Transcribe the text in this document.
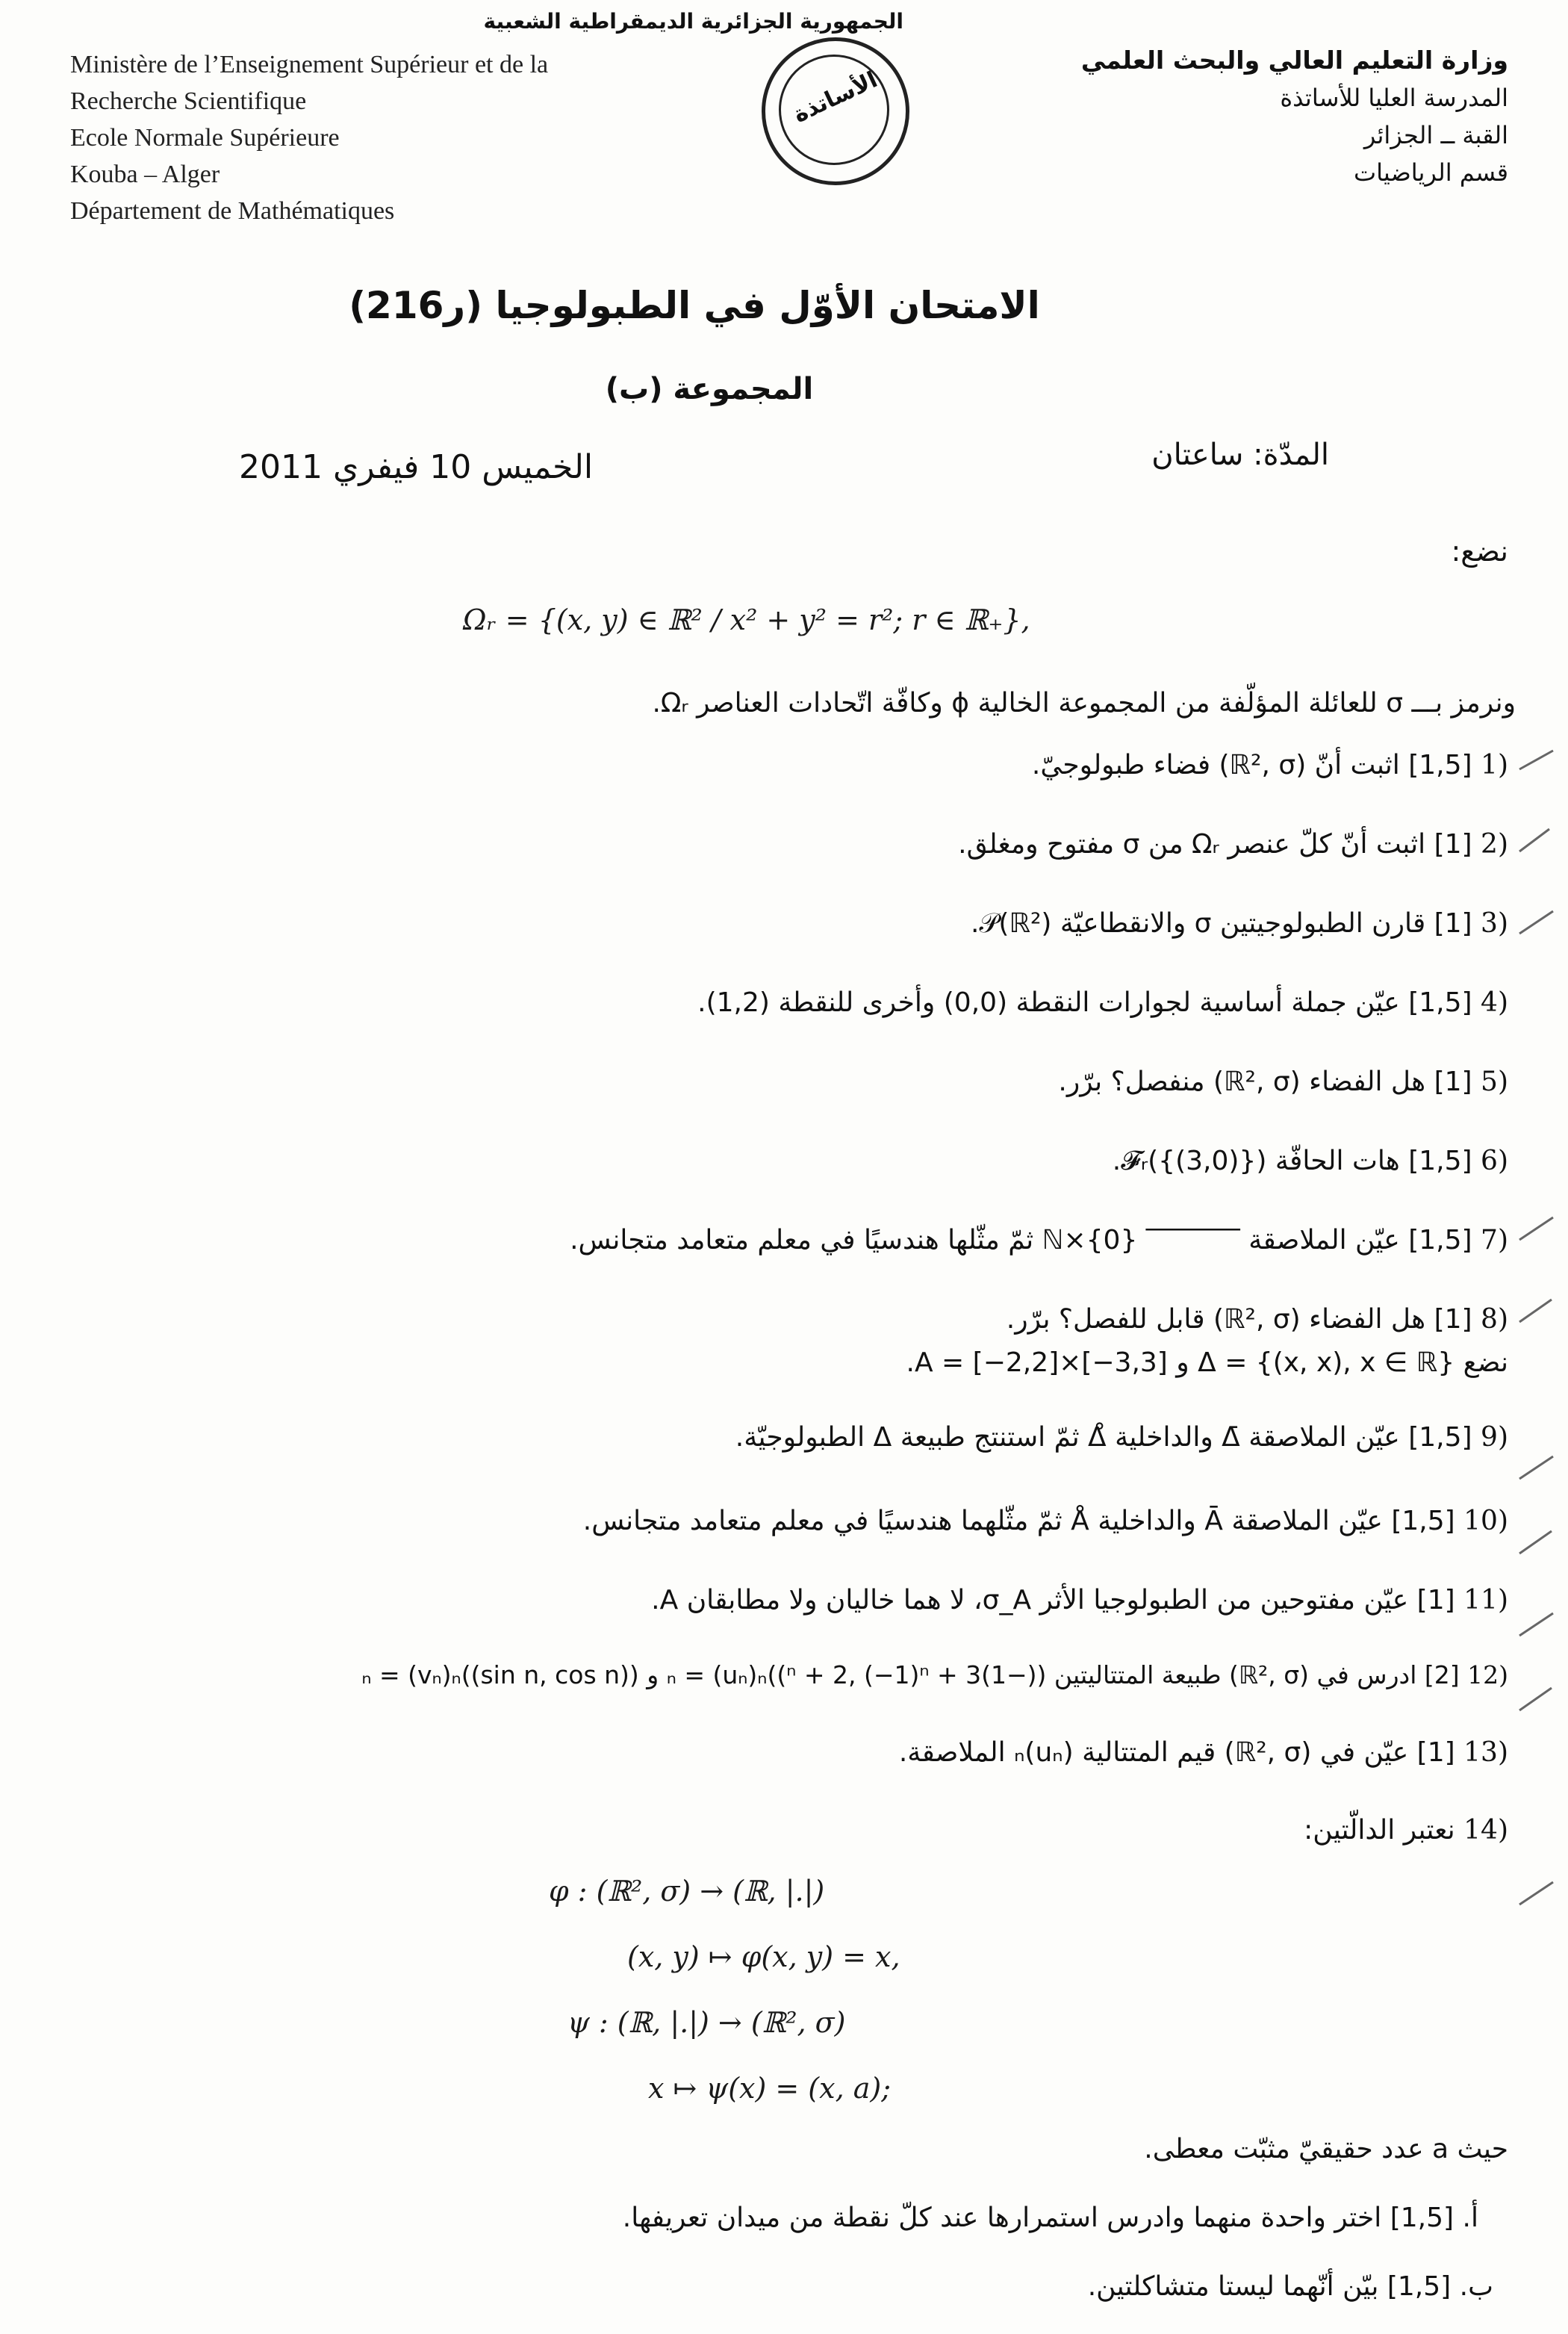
الجمهورية الجزائرية الديمقراطية الشعبية
Ministère de l’Enseignement Supérieur et de la
Recherche Scientifique
Ecole Normale Supérieure
Kouba – Alger
Département de Mathématiques
الأساتذة
وزارة التعليم العالي والبحث العلمي
المدرسة العليا للأساتذة
القبة ــ الجزائر
قسم الرياضيات
الامتحان الأوّل في الطبولوجيا (ر216)
المجموعة (ب)
المدّة: ساعتان
الخميس 10 فيفري 2011
نضع:
Ωᵣ = {(x, y) ∈ ℝ² / x² + y² = r²; r ∈ ℝ₊},
ونرمز بـــ σ للعائلة المؤلّفة من المجموعة الخالية ϕ وكافّة اتّحادات العناصر Ωᵣ.
1) [1,5] اثبت أنّ (ℝ², σ) فضاء طبولوجيّ.
2) [1] اثبت أنّ كلّ عنصر Ωᵣ من σ مفتوح ومغلق.
3) [1] قارن الطبولوجيتين σ والانقطاعيّة 𝒫(ℝ²).
4) [1,5] عيّن جملة أساسية لجوارات النقطة (0,0) وأخرى للنقطة (1,2).
5) [1] هل الفضاء (ℝ², σ) منفصل؟ برّر.
6) [1,5] هات الحافّة 𝓕ᵣ({(3,0)}).
7) [1,5] عيّن الملاصقة ‾‾‾‾‾‾‾ ℕ×{0} ثمّ مثّلها هندسيًا في معلم متعامد متجانس.
8) [1] هل الفضاء (ℝ², σ) قابل للفصل؟ برّر.
نضع Δ = {(x, x), x ∈ ℝ} و A = [−2,2]×[−3,3].
9) [1,5] عيّن الملاصقة Δ̄ والداخلية Δ̊ ثمّ استنتج طبيعة Δ الطبولوجيّة.
10) [1,5] عيّن الملاصقة Ā والداخلية Å ثمّ مثّلهما هندسيًا في معلم متعامد متجانس.
11) [1] عيّن مفتوحين من الطبولوجيا الأثر σ_A، لا هما خاليان ولا مطابقان A.
12) [2] ادرس في (ℝ², σ) طبيعة المتتاليتين ((−1)ⁿ + 2, (−1)ⁿ + 3))ₙ = (uₙ)ₙ و ((sin n, cos n))ₙ = (vₙ)ₙ
13) [1] عيّن في (ℝ², σ) قيم المتتالية (uₙ)ₙ الملاصقة.
14) نعتبر الدالّتين:
φ : (ℝ², σ) → (ℝ, |.|)
(x, y) ↦ φ(x, y) = x,
ψ : (ℝ, |.|) → (ℝ², σ)
x ↦ ψ(x) = (x, a);
حيث a عدد حقيقيّ مثبّت معطى.
أ. [1,5] اختر واحدة منهما وادرس استمرارها عند كلّ نقطة من ميدان تعريفها.
ب. [1,5] بيّن أنّهما ليستا متشاكلتين.
